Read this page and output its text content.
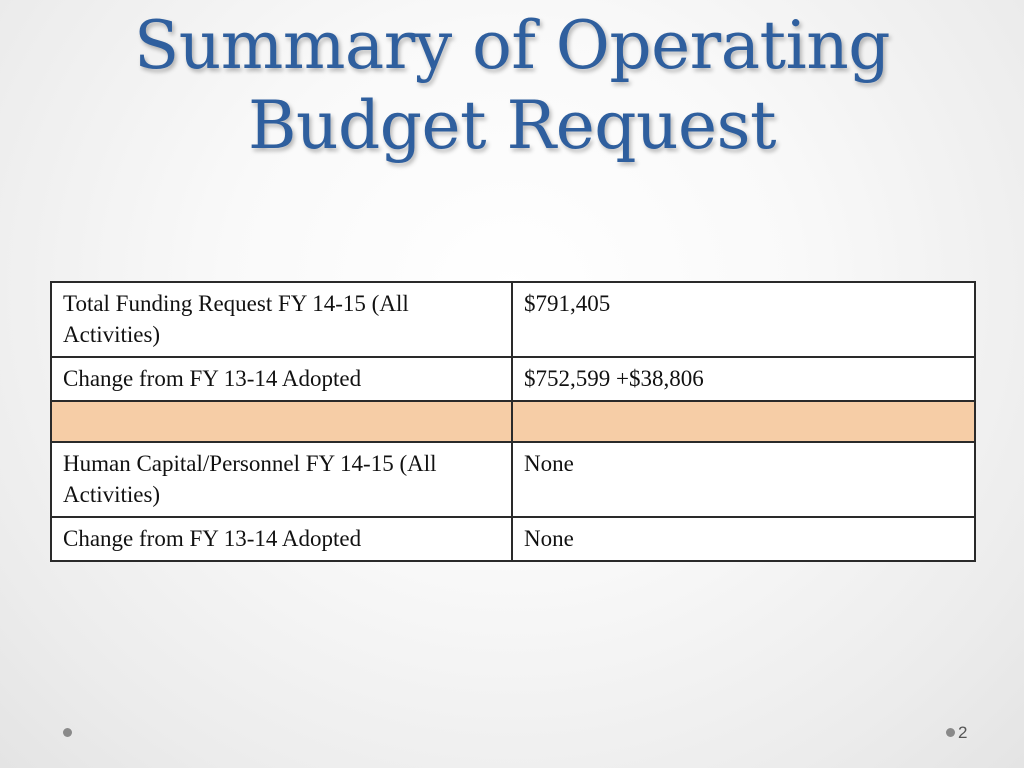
Summary of Operating
Budget Request
Total Funding Request FY 14-15 (All Activities)	$791,405
Change from FY 13-14 Adopted	$752,599 +$38,806

Human Capital/Personnel FY 14-15 (All Activities)	None
Change from FY 13-14 Adopted	None
2
